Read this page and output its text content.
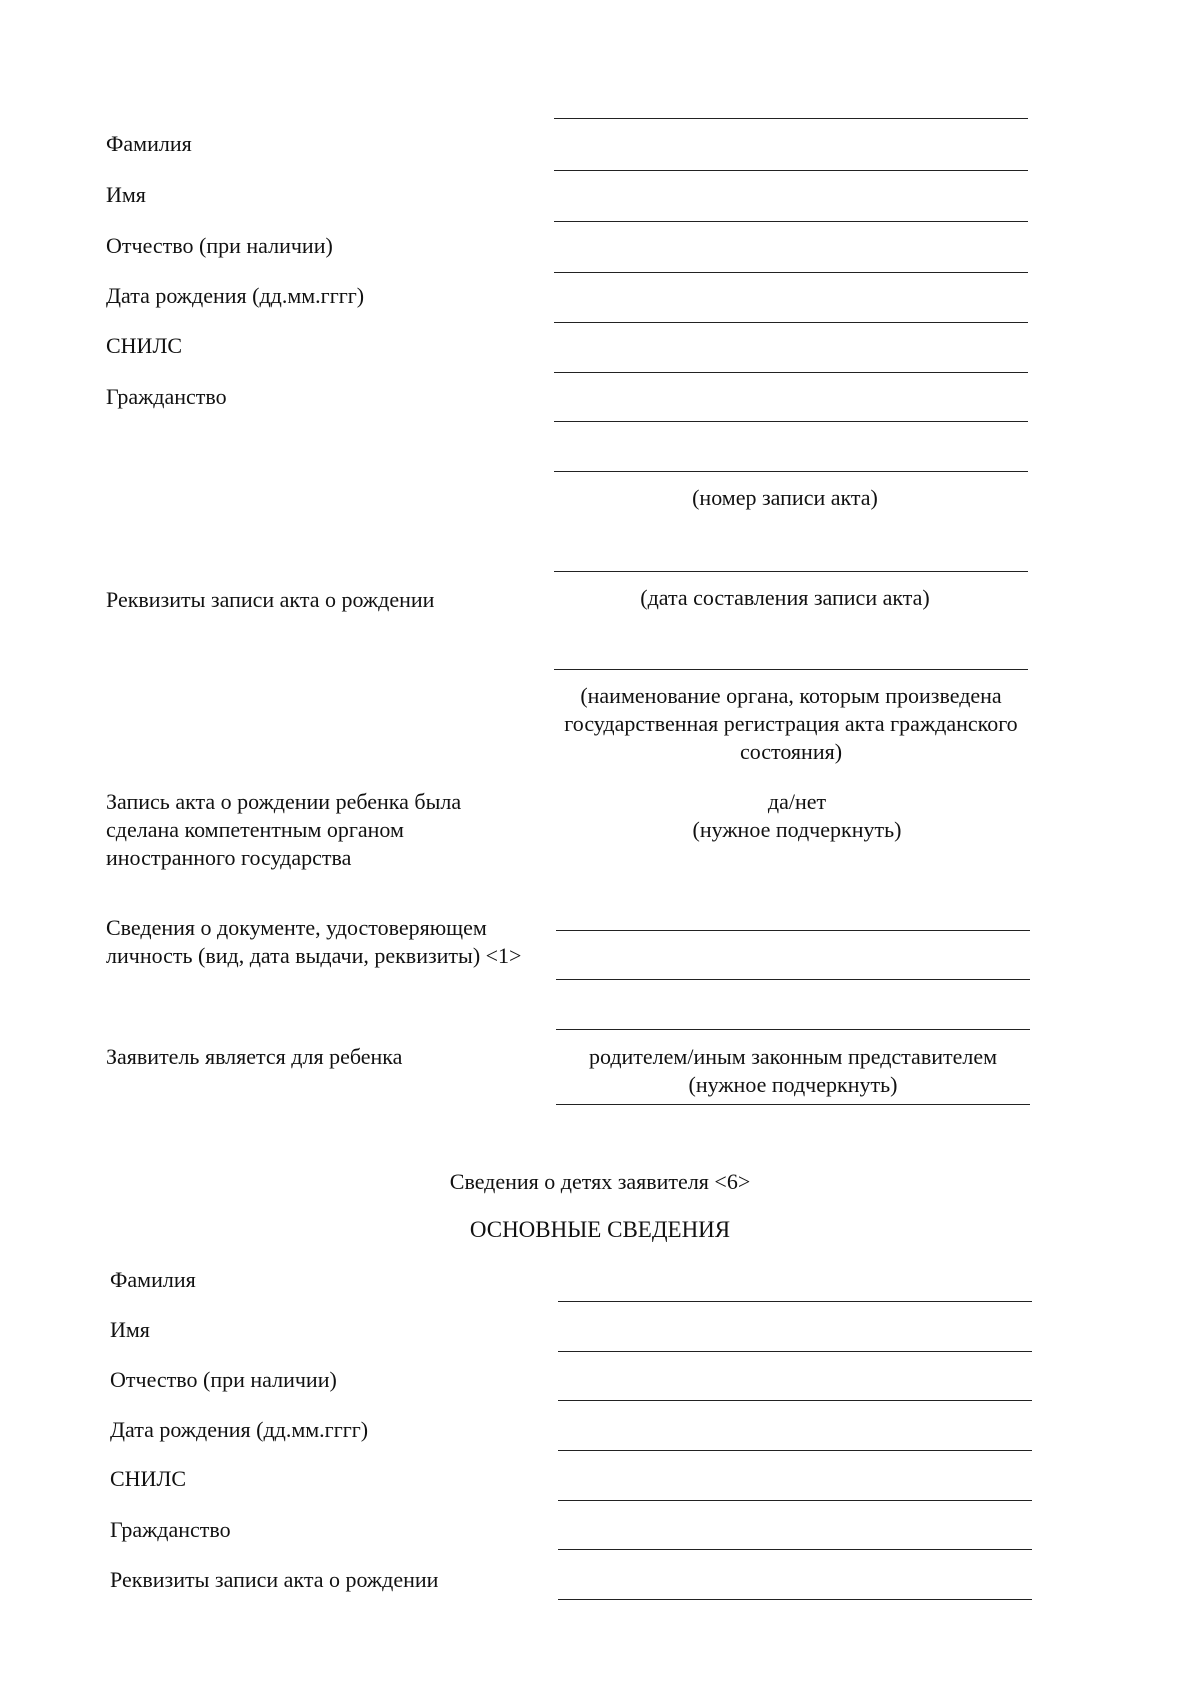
Фамилия
Имя
Отчество (при наличии)
Дата рождения (дд.мм.гггг)
СНИЛС
Гражданство
(номер записи акта)
Реквизиты записи акта о рождении	(дата составления записи акта)
(наименование органа, которым произведена государственная регистрация акта гражданского состояния)
Запись акта о рождении ребенка была сделана компетентным органом иностранного государства
да/нет
(нужное подчеркнуть)
Сведения о документе, удостоверяющем личность (вид, дата выдачи, реквизиты) <1>
Заявитель является для ребенка	родителем/иным законным представителем
(нужное подчеркнуть)
Сведения о детях заявителя <6>
ОСНОВНЫЕ СВЕДЕНИЯ
Фамилия
Имя
Отчество (при наличии)
Дата рождения (дд.мм.гггг)
СНИЛС
Гражданство
Реквизиты записи акта о рождении
